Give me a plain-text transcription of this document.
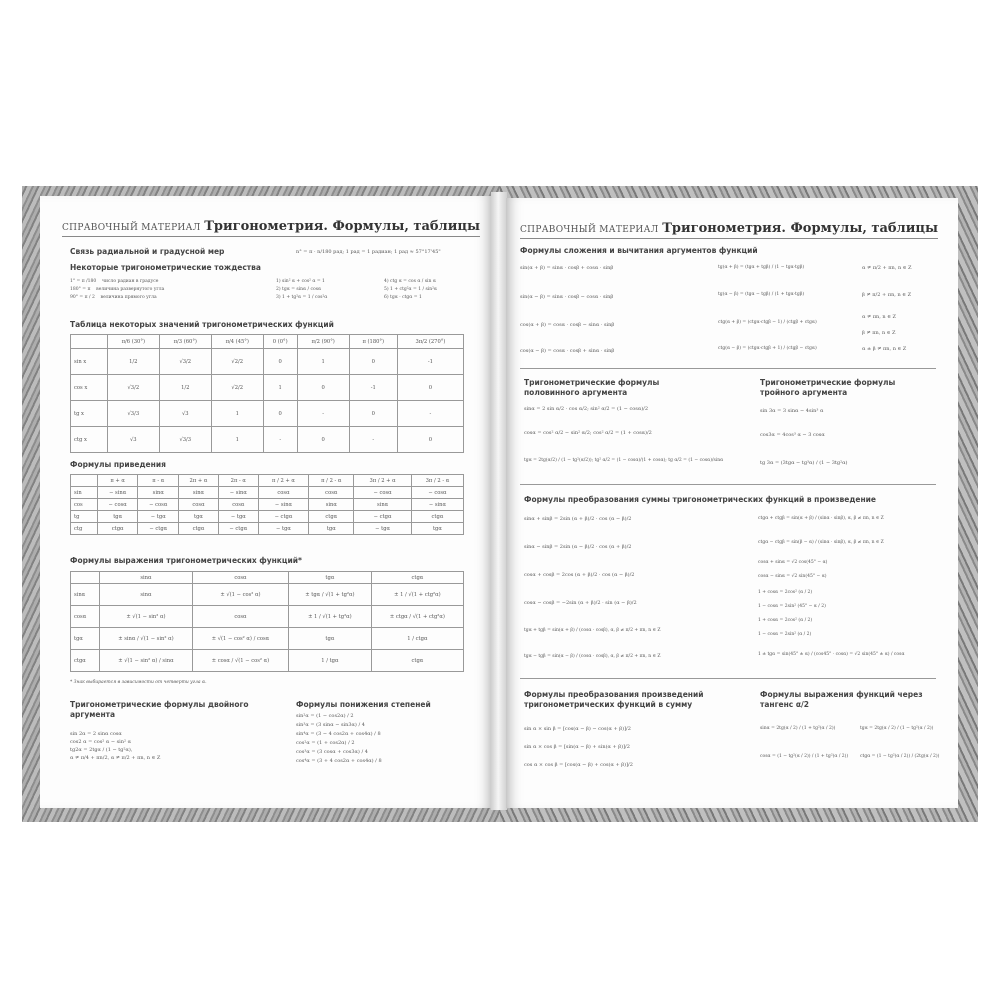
СПРАВОЧНЫЙ МАТЕРИАЛ Тригонометрия. Формулы, таблицы
Связь радиальной и градусной мер	n° = π · n/180 рад; 1 рад = 1 радиан; 1 рад ≈ 57°17'45"
Некоторые тригонометрические тождества
1° = π /180 число радиан в градусе
180° = π величина развернутого угла
90° = π / 2 величина прямого угла
1) sin² α + cos² α = 1
2) tgα = sinα / cosα
3) 1 + tg²α = 1 / cos²α
4) ctg α = cos α / sin α
5) 1 + ctg²α = 1 / sin²α
6) tgα · ctgα = 1
Таблица некоторых значений тригонометрических функций
	π/6 (30°)	π/3 (60°)	π/4 (45°)	0 (0°)	π/2 (90°)	π (180°)	3π/2 (270°)
sin x	1/2	√3/2	√2/2	0	1	0	-1
cos x	√3/2	1/2	√2/2	1	0	-1	0
tg x	√3/3	√3	1	0	-	0	-
ctg x	√3	√3/3	1	-	0	-	0
Формулы приведения
	π + α	π - α	2π + α	2π - α	π / 2 + α	π / 2 - α	3π / 2 + α	3π / 2 - α
sin	− sinα	sinα	sinα	− sinα	cosα	cosα	− cosα	− cosα
cos	− cosα	− cosα	cosα	cosα	− sinα	sinα	sinα	− sinα
tg	tgα	− tgα	tgα	− tgα	− ctgα	ctgα	− ctgα	ctgα
ctg	ctgα	− ctgα	ctgα	− ctgα	− tgα	tgα	− tgα	tgα
Формулы выражения тригонометрических функций*
	sinα	cosα	tgα	ctgα
sinα	sinα	± √(1 − cos² α)	± tgα / √(1 + tg²α)	± 1 / √(1 + ctg²α)
cosα	± √(1 − sin² α)	cosα	± 1 / √(1 + tg²α)	± ctgα / √(1 + ctg²α)
tgα	± sinα / √(1 − sin² α)	± √(1 − cos² α) / cosα	tgα	1 / ctgα
ctgα	± √(1 − sin² α) / sinα	± cosα / √(1 − cos² α)	1 / tgα	ctgα
* Знак выбирается в зависимости от четверти угла α.
Тригонометрические формулы двойного аргумента
sin 2α = 2 sinα cosα
cos2 α = cos² α − sin² α
tg2α = 2tgα / (1 − tg²α),
α ≠ π/4 + πn/2, α ≠ π/2 + πn, n ∈ Z
Формулы понижения степеней
sin²α = (1 − cos2α) / 2
sin³α = (3 sinα − sin3α) / 4
sin⁴α = (3 − 4 cos2α + cos4α) / 8
cos²α = (1 + cos2α) / 2
cos³α = (3 cosα + cos3α) / 4
cos⁴α = (3 + 4 cos2α + cos4α) / 8
СПРАВОЧНЫЙ МАТЕРИАЛ Тригонометрия. Формулы, таблицы
Формулы сложения и вычитания аргументов функций
sin(α + β) = sinα · cosβ + cosα · sinβ
sin(α − β) = sinα · cosβ − cosα · sinβ
cos(α + β) = cosα · cosβ − sinα · sinβ
cos(α − β) = cosα · cosβ + sinα · sinβ
tg(α + β) = (tgα + tgβ) / (1 − tgα·tgβ)
tg(α − β) = (tgα − tgβ) / (1 + tgα·tgβ)
ctg(α + β) = (ctgα·ctgβ − 1) / (ctgβ + ctgα)
ctg(α − β) = (ctgα·ctgβ + 1) / (ctgβ − ctgα)
α ≠ π/2 + πn, n ∈ Z
β ≠ π/2 + πn, n ∈ Z
α ≠ πn, n ∈ Z
β ≠ πn, n ∈ Z
α ± β ≠ πn, n ∈ Z
Тригонометрические формулы половинного аргумента
sinα = 2 sin α/2 · cos α/2; sin² α/2 = (1 − cosα)/2
cosα = cos² α/2 − sin² α/2; cos² α/2 = (1 + cosα)/2
tgα = 2tg(α/2) / (1 − tg²(α/2)); tg² α/2 = (1 − cosα)/(1 + cosα); tg α/2 = (1 − cosα)/sinα
Тригонометрические формулы тройного аргумента
sin 3α = 3 sinα − 4sin³ α
cos3α = 4cos³ α − 3 cosα
tg 3α = (3tgα − tg³α) / (1 − 3tg²α)
Формулы преобразования суммы тригонометрических функций в произведение
sinα + sinβ = 2sin (α + β)/2 · cos (α − β)/2
sinα − sinβ = 2sin (α − β)/2 · cos (α + β)/2
cosα + cosβ = 2cos (α + β)/2 · cos (α − β)/2
cosα − cosβ = −2sin (α + β)/2 · sin (α − β)/2
tgα + tgβ = sin(α + β) / (cosα · cosβ), α, β ≠ π/2 + πn, n ∈ Z
tgα − tgβ = sin(α − β) / (cosα · cosβ), α, β ≠ π/2 + πn, n ∈ Z
ctgα + ctgβ = sin(α + β) / (sinα · sinβ), α, β ≠ πn, n ∈ Z
ctgα − ctgβ = sin(β − α) / (sinα · sinβ), α, β ≠ πn, n ∈ Z
cosα + sinα = √2 cos(45° − α)
cosα − sinα = √2 sin(45° − α)
1 + cosα = 2cos² (α / 2)
1 − cosα = 2sin² (45° − α / 2)
1 + cosα = 2cos² (α / 2)
1 − cosα = 2sin² (α / 2)
1 ± tgα = sin(45° ± α) / (cos45° · cosα) = √2 sin(45° ± α) / cosα
Формулы преобразования произведений тригонометрических функций в сумму
sin α × sin β = [cos(α − β) − cos(α + β)]/2
sin α × cos β = [sin(α − β) + sin(α + β)]/2
cos α × cos β = [cos(α − β) + cos(α + β)]/2
Формулы выражения функций через тангенс α/2
sinα = 2tg(α / 2) / (1 + tg²(α / 2))
cosα = (1 − tg²(α / 2)) / (1 + tg²(α / 2))
tgα = 2tg(α / 2) / (1 − tg²(α / 2))
ctgα = (1 − tg²(α / 2)) / (2tg(α / 2))
